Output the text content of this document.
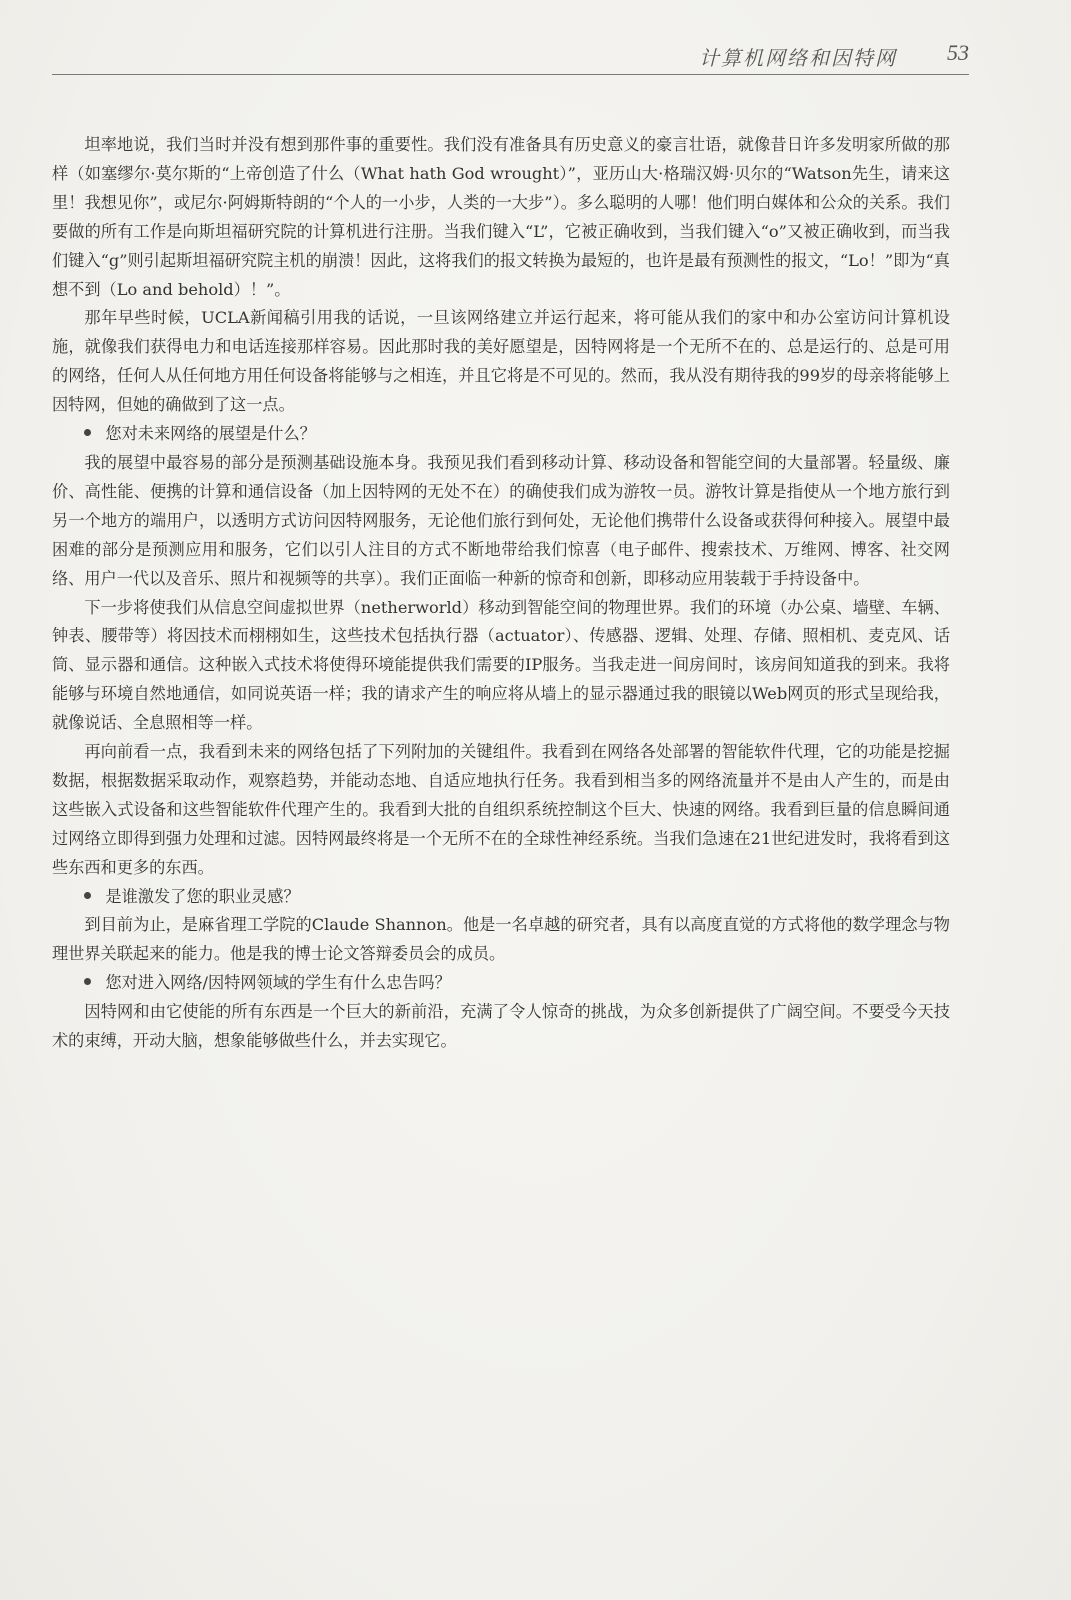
计算机网络和因特网 53

坦率地说，我们当时并没有想到那件事的重要性。我们没有准备具有历史意义的豪言壮语，就像昔日许多发明家所做的那样（如塞缪尔·莫尔斯的“上帝创造了什么（What hath God wrought）”，亚历山大·格瑞汉姆·贝尔的“Watson先生，请来这里！我想见你”，或尼尔·阿姆斯特朗的“个人的一小步，人类的一大步”）。多么聪明的人哪！他们明白媒体和公众的关系。我们要做的所有工作是向斯坦福研究院的计算机进行注册。当我们键入“L”，它被正确收到，当我们键入“o”又被正确收到，而当我们键入“g”则引起斯坦福研究院主机的崩溃！因此，这将我们的报文转换为最短的，也许是最有预测性的报文，“Lo！”即为“真想不到（Lo and behold）！”。

那年早些时候，UCLA新闻稿引用我的话说，一旦该网络建立并运行起来，将可能从我们的家中和办公室访问计算机设施，就像我们获得电力和电话连接那样容易。因此那时我的美好愿望是，因特网将是一个无所不在的、总是运行的、总是可用的网络，任何人从任何地方用任何设备将能够与之相连，并且它将是不可见的。然而，我从没有期待我的99岁的母亲将能够上因特网，但她的确做到了这一点。

您对未来网络的展望是什么？

我的展望中最容易的部分是预测基础设施本身。我预见我们看到移动计算、移动设备和智能空间的大量部署。轻量级、廉价、高性能、便携的计算和通信设备（加上因特网的无处不在）的确使我们成为游牧一员。游牧计算是指使从一个地方旅行到另一个地方的端用户，以透明方式访问因特网服务，无论他们旅行到何处，无论他们携带什么设备或获得何种接入。展望中最困难的部分是预测应用和服务，它们以引人注目的方式不断地带给我们惊喜（电子邮件、搜索技术、万维网、博客、社交网络、用户一代以及音乐、照片和视频等的共享）。我们正面临一种新的惊奇和创新，即移动应用装载于手持设备中。

下一步将使我们从信息空间虚拟世界（netherworld）移动到智能空间的物理世界。我们的环境（办公桌、墙壁、车辆、钟表、腰带等）将因技术而栩栩如生，这些技术包括执行器（actuator）、传感器、逻辑、处理、存储、照相机、麦克风、话筒、显示器和通信。这种嵌入式技术将使得环境能提供我们需要的IP服务。当我走进一间房间时，该房间知道我的到来。我将能够与环境自然地通信，如同说英语一样；我的请求产生的响应将从墙上的显示器通过我的眼镜以Web网页的形式呈现给我，就像说话、全息照相等一样。

再向前看一点，我看到未来的网络包括了下列附加的关键组件。我看到在网络各处部署的智能软件代理，它的功能是挖掘数据，根据数据采取动作，观察趋势，并能动态地、自适应地执行任务。我看到相当多的网络流量并不是由人产生的，而是由这些嵌入式设备和这些智能软件代理产生的。我看到大批的自组织系统控制这个巨大、快速的网络。我看到巨量的信息瞬间通过网络立即得到强力处理和过滤。因特网最终将是一个无所不在的全球性神经系统。当我们急速在21世纪进发时，我将看到这些东西和更多的东西。

是谁激发了您的职业灵感？

到目前为止，是麻省理工学院的Claude Shannon。他是一名卓越的研究者，具有以高度直觉的方式将他的数学理念与物理世界关联起来的能力。他是我的博士论文答辩委员会的成员。

您对进入网络/因特网领域的学生有什么忠告吗？

因特网和由它使能的所有东西是一个巨大的新前沿，充满了令人惊奇的挑战，为众多创新提供了广阔空间。不要受今天技术的束缚，开动大脑，想象能够做些什么，并去实现它。
